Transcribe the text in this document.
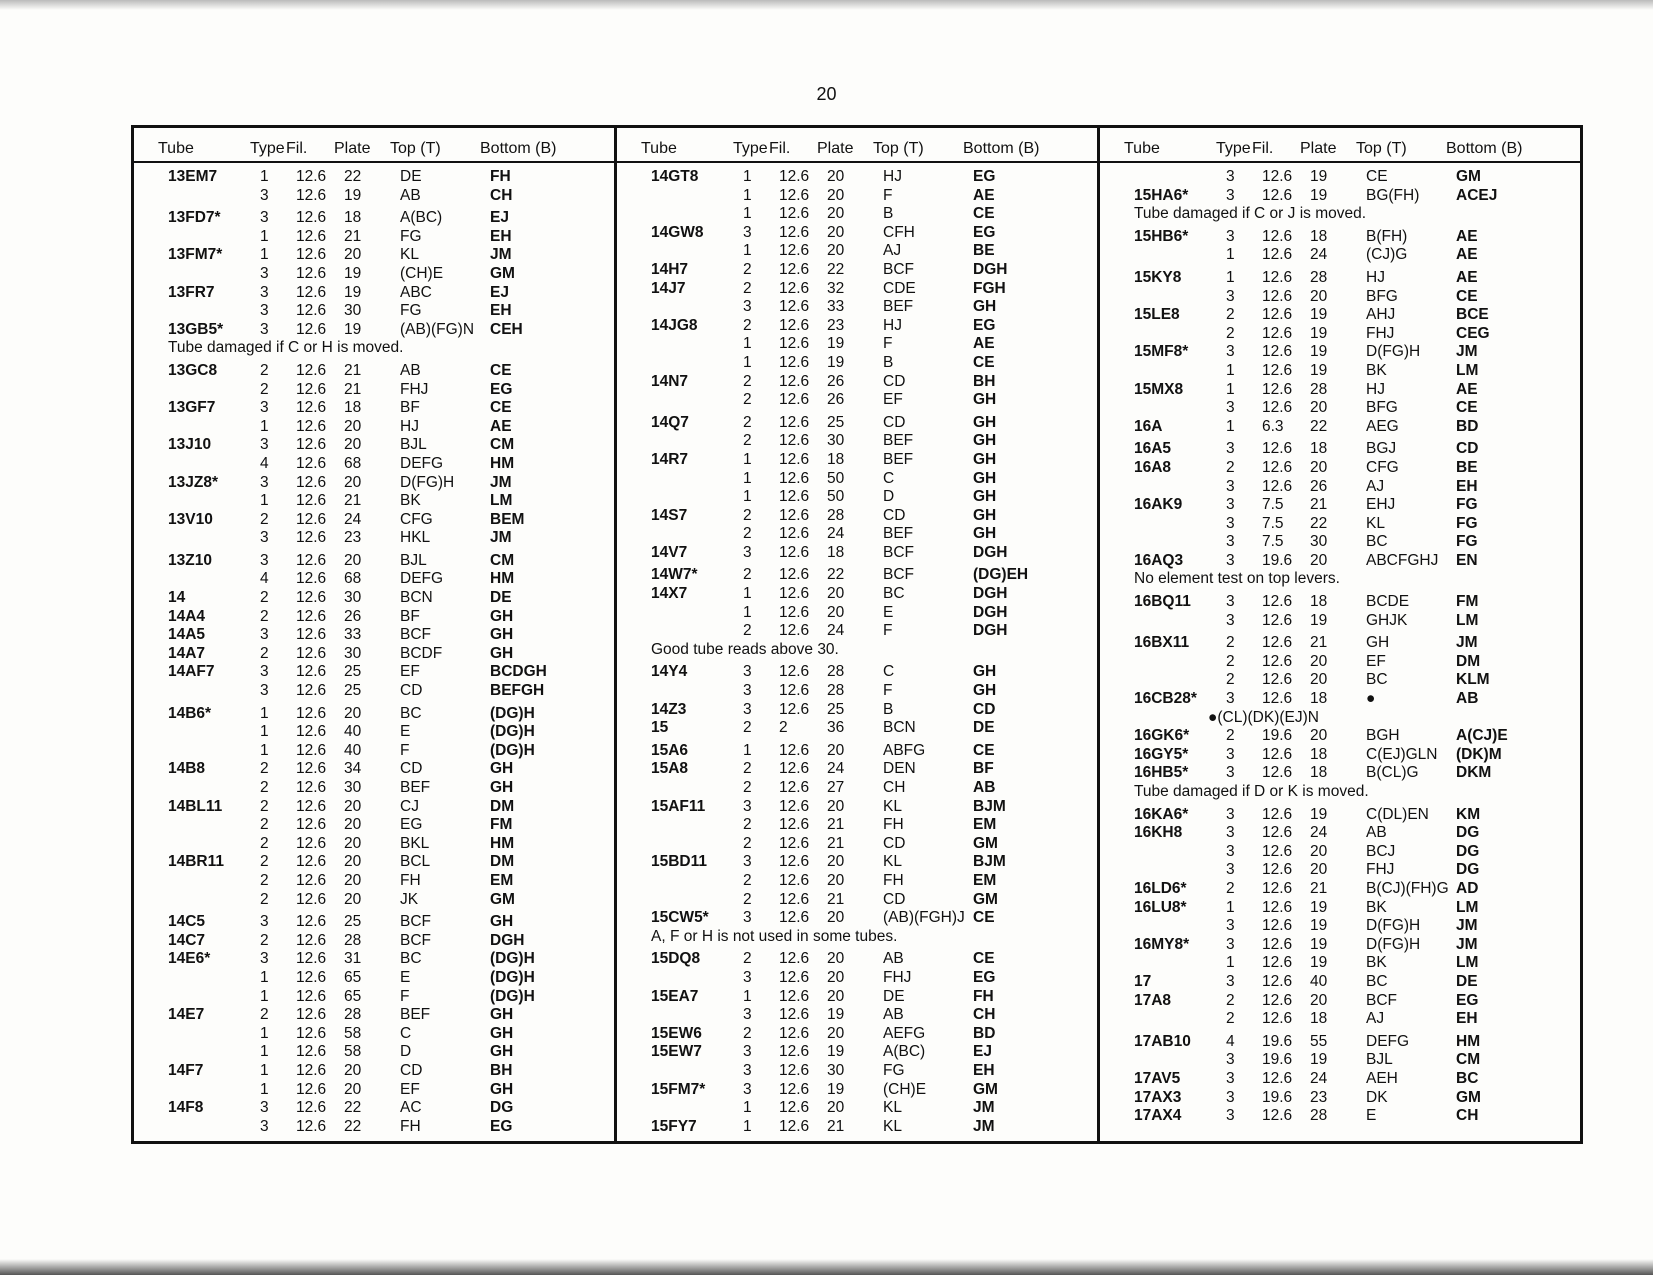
20
Tube	Type Fil.	Plate	Top (T)	Bottom (B)
13EM7	1	12.6	22	DE	FH
3	12.6	19	AB	CH
13FD7*	3	12.6	18	A(BC)	EJ
1	12.6	21	FG	EH
13FM7*	1	12.6	20	KL	JM
3	12.6	19	(CH)E	GM
13FR7	3	12.6	19	ABC	EJ
3	12.6	30	FG	EH
13GB5*	3	12.6	19	(AB)(FG)N	CEH
Tube damaged if C or H is moved.
13GC8	2	12.6	21	AB	CE
2	12.6	21	FHJ	EG
13GF7	3	12.6	18	BF	CE
1	12.6	20	HJ	AE
13J10	3	12.6	20	BJL	CM
4	12.6	68	DEFG	HM
13JZ8*	3	12.6	20	D(FG)H	JM
1	12.6	21	BK	LM
13V10	2	12.6	24	CFG	BEM
3	12.6	23	HKL	JM
13Z10	3	12.6	20	BJL	CM
4	12.6	68	DEFG	HM
14	2	12.6	30	BCN	DE
14A4	2	12.6	26	BF	GH
14A5	3	12.6	33	BCF	GH
14A7	2	12.6	30	BCDF	GH
14AF7	3	12.6	25	EF	BCDGH
3	12.6	25	CD	BEFGH
14B6*	1	12.6	20	BC	(DG)H
1	12.6	40	E	(DG)H
1	12.6	40	F	(DG)H
14B8	2	12.6	34	CD	GH
2	12.6	30	BEF	GH
14BL11	2	12.6	20	CJ	DM
2	12.6	20	EG	FM
2	12.6	20	BKL	HM
14BR11	2	12.6	20	BCL	DM
2	12.6	20	FH	EM
2	12.6	20	JK	GM
14C5	3	12.6	25	BCF	GH
14C7	2	12.6	28	BCF	DGH
14E6*	3	12.6	31	BC	(DG)H
1	12.6	65	E	(DG)H
1	12.6	65	F	(DG)H
14E7	2	12.6	28	BEF	GH
1	12.6	58	C	GH
1	12.6	58	D	GH
14F7	1	12.6	20	CD	BH
1	12.6	20	EF	GH
14F8	3	12.6	22	AC	DG
3	12.6	22	FH	EG
Tube	Type Fil.	Plate	Top (T)	Bottom (B)
14GT8	1	12.6	20	HJ	EG
1	12.6	20	F	AE
1	12.6	20	B	CE
14GW8	3	12.6	20	CFH	EG
1	12.6	20	AJ	BE
14H7	2	12.6	22	BCF	DGH
14J7	2	12.6	32	CDE	FGH
3	12.6	33	BEF	GH
14JG8	2	12.6	23	HJ	EG
1	12.6	19	F	AE
1	12.6	19	B	CE
14N7	2	12.6	26	CD	BH
2	12.6	26	EF	GH
14Q7	2	12.6	25	CD	GH
2	12.6	30	BEF	GH
14R7	1	12.6	18	BEF	GH
1	12.6	50	C	GH
1	12.6	50	D	GH
14S7	2	12.6	28	CD	GH
2	12.6	24	BEF	GH
14V7	3	12.6	18	BCF	DGH
14W7*	2	12.6	22	BCF	(DG)EH
14X7	1	12.6	20	BC	DGH
1	12.6	20	E	DGH
2	12.6	24	F	DGH
Good tube reads above 30.
14Y4	3	12.6	28	C	GH
3	12.6	28	F	GH
14Z3	3	12.6	25	B	CD
15	2	2	36	BCN	DE
15A6	1	12.6	20	ABFG	CE
15A8	2	12.6	24	DEN	BF
2	12.6	27	CH	AB
15AF11	3	12.6	20	KL	BJM
2	12.6	21	FH	EM
2	12.6	21	CD	GM
15BD11	3	12.6	20	KL	BJM
2	12.6	20	FH	EM
2	12.6	21	CD	GM
15CW5*	3	12.6	20	(AB)(FGH)J CE
A, F or H is not used in some tubes.
15DQ8	2	12.6	20	AB	CE
3	12.6	20	FHJ	EG
15EA7	1	12.6	20	DE	FH
3	12.6	19	AB	CH
15EW6	2	12.6	20	AEFG	BD
15EW7	3	12.6	19	A(BC)	EJ
3	12.6	30	FG	EH
15FM7*	3	12.6	19	(CH)E	GM
1	12.6	20	KL	JM
15FY7	1	12.6	21	KL	JM
Tube	Type Fil.	Plate	Top (T)	Bottom (B)
3	12.6	19	CE	GM
15HA6*	3	12.6	19	BG(FH)	ACEJ
Tube damaged if C or J is moved.
15HB6*	3	12.6	18	B(FH)	AE
1	12.6	24	(CJ)G	AE
15KY8	1	12.6	28	HJ	AE
3	12.6	20	BFG	CE
15LE8	2	12.6	19	AHJ	BCE
2	12.6	19	FHJ	CEG
15MF8*	3	12.6	19	D(FG)H	JM
1	12.6	19	BK	LM
15MX8	1	12.6	28	HJ	AE
3	12.6	20	BFG	CE
16A	1	6.3	22	AEG	BD
16A5	3	12.6	18	BGJ	CD
16A8	2	12.6	20	CFG	BE
3	12.6	26	AJ	EH
16AK9	3	7.5	21	EHJ	FG
3	7.5	22	KL	FG
3	7.5	30	BC	FG
16AQ3	3	19.6	20	ABCFGHJ	EN
No element test on top levers.
16BQ11	3	12.6	18	BCDE	FM
3	12.6	19	GHJK	LM
16BX11	2	12.6	21	GH	JM
2	12.6	20	EF	DM
2	12.6	20	BC	KLM
16CB28*	3	12.6	18	●	AB
●(CL)(DK)(EJ)N
16GK6*	2	19.6	20	BGH	A(CJ)E
16GY5*	3	12.6	18	C(EJ)GLN	(DK)M
16HB5*	3	12.6	18	B(CL)G	DKM
Tube damaged if D or K is moved.
16KA6*	3	12.6	19	C(DL)EN	KM
16KH8	3	12.6	24	AB	DG
3	12.6	20	BCJ	DG
3	12.6	20	FHJ	DG
16LD6*	2	12.6	21	B(CJ)(FH)G AD
16LU8*	1	12.6	19	BK	LM
3	12.6	19	D(FG)H	JM
16MY8*	3	12.6	19	D(FG)H	JM
1	12.6	19	BK	LM
17	3	12.6	40	BC	DE
17A8	2	12.6	20	BCF	EG
2	12.6	18	AJ	EH
17AB10	4	19.6	55	DEFG	HM
3	19.6	19	BJL	CM
17AV5	3	12.6	24	AEH	BC
17AX3	3	19.6	23	DK	GM
17AX4	3	12.6	28	E	CH
